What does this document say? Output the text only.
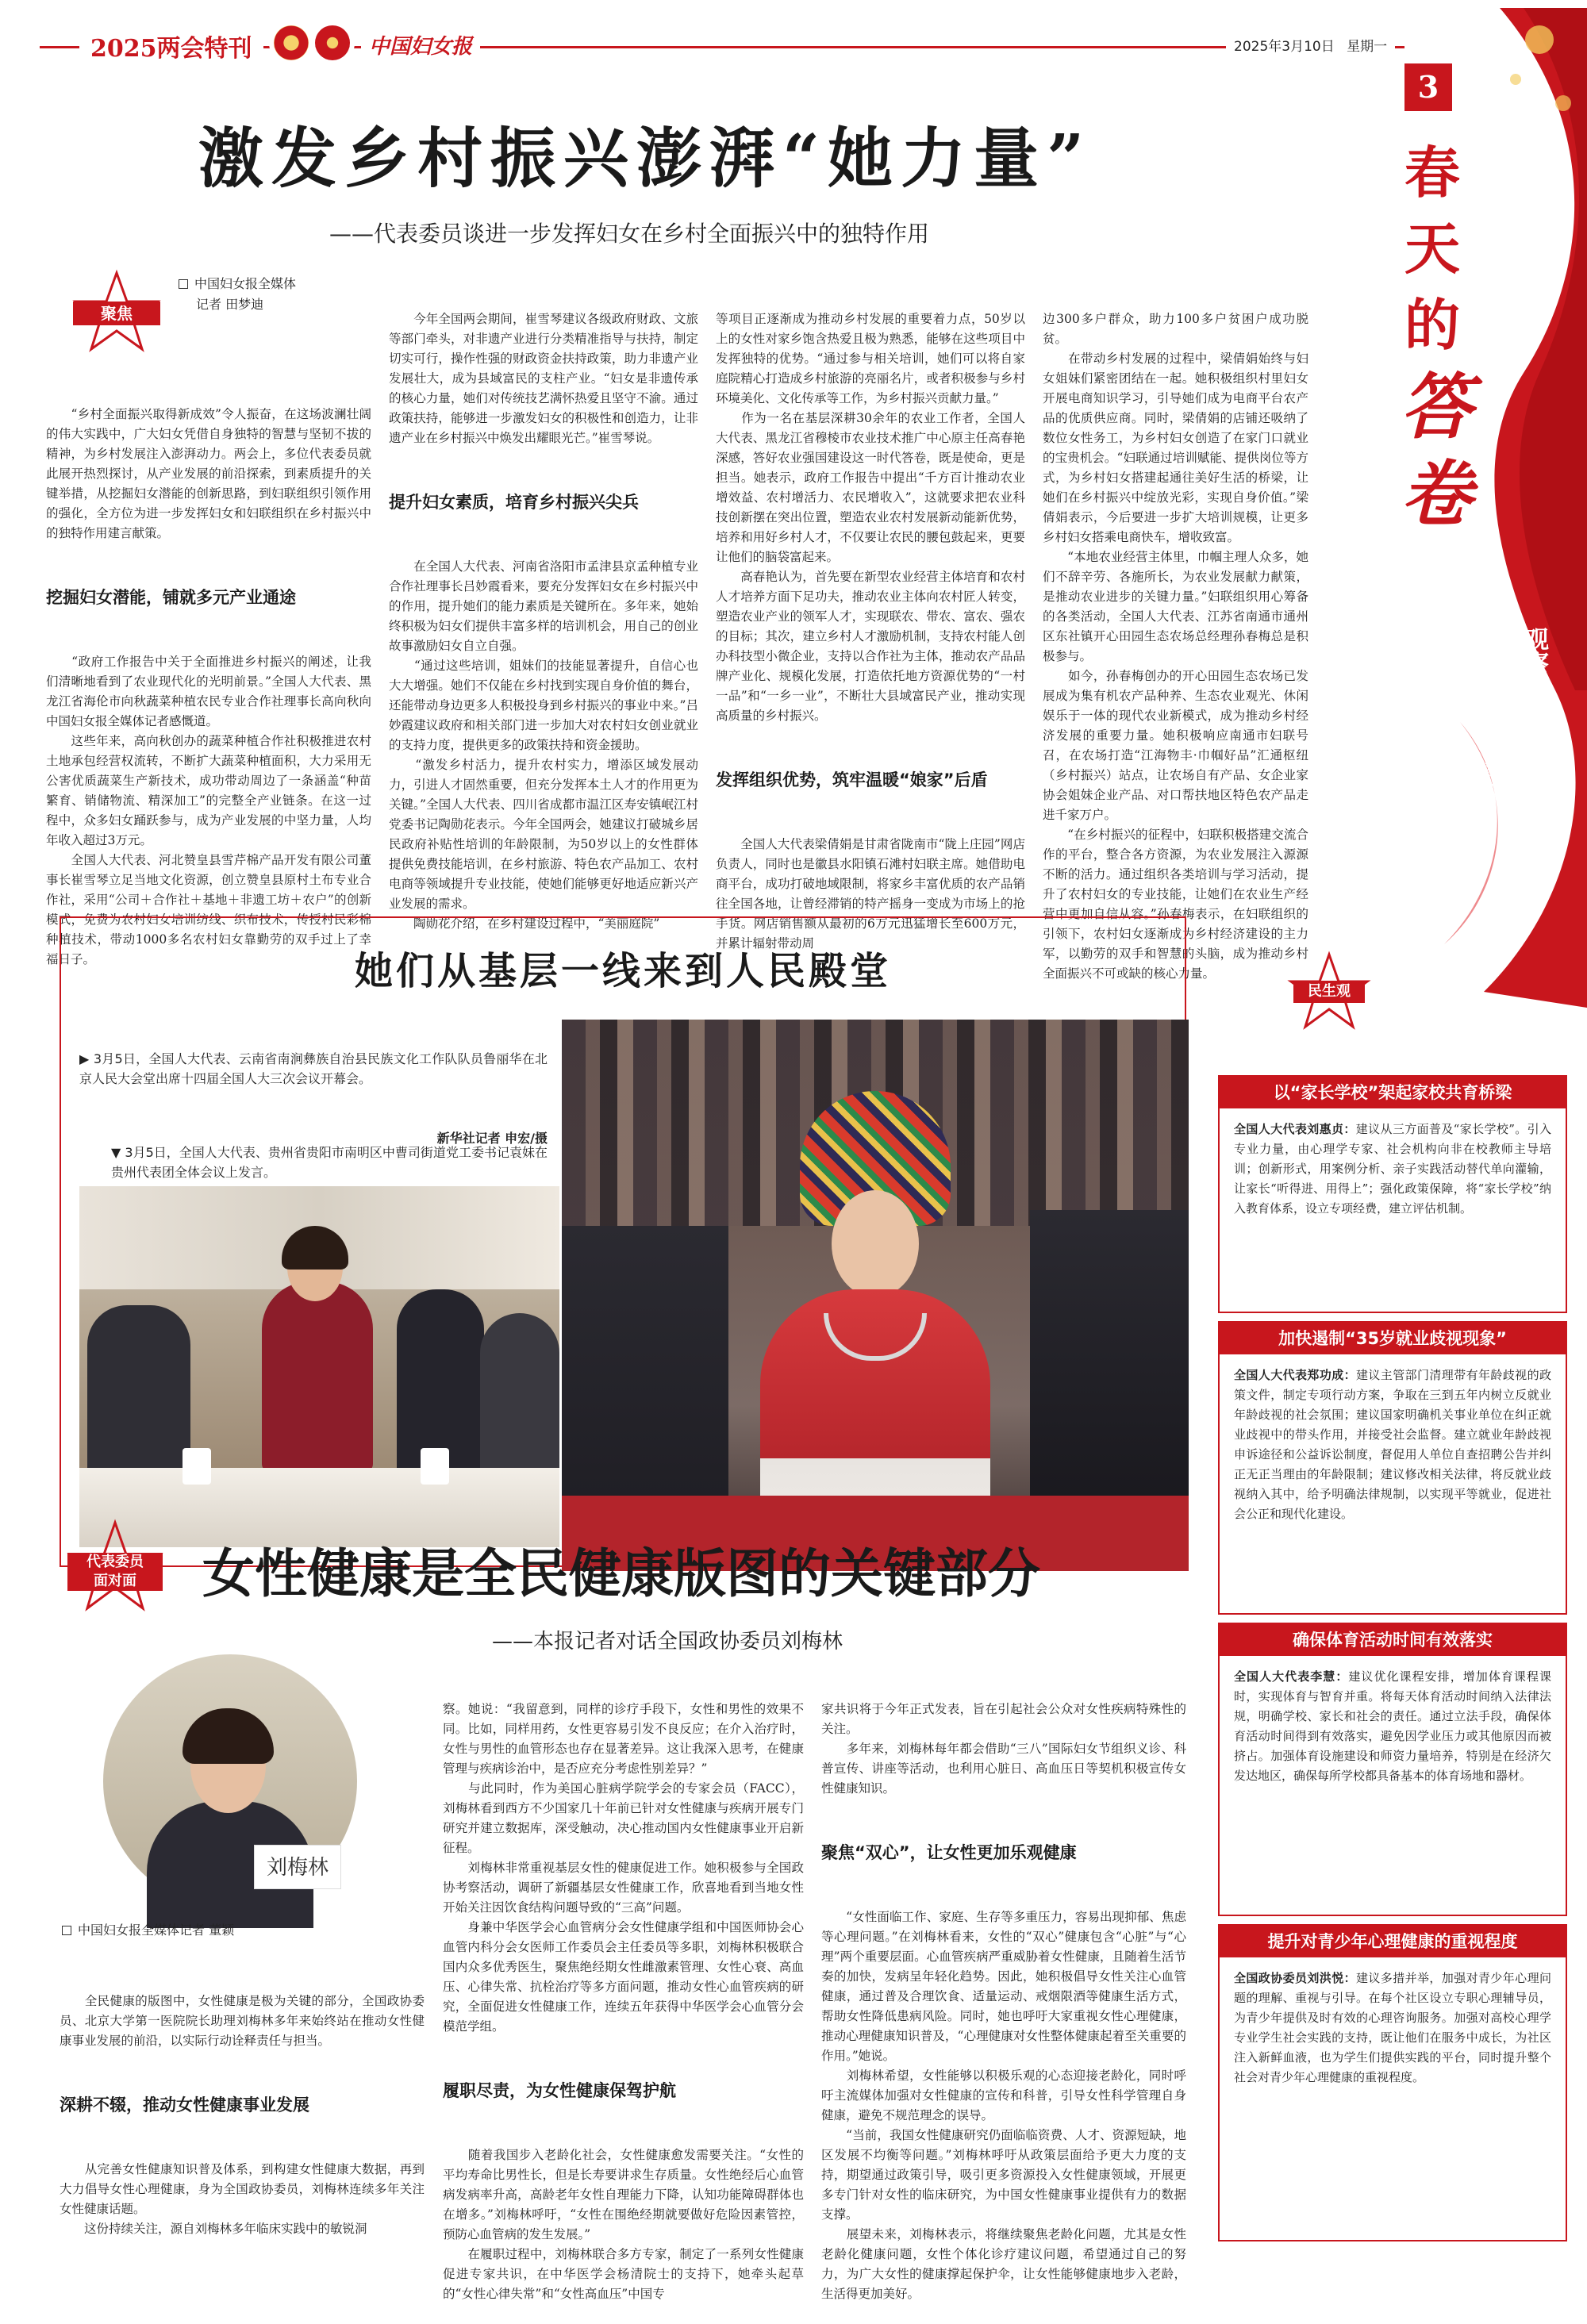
2025两会特刊	中国妇女报	2025年3月10日 星期一
3
春
天
的
答
卷
观察
主编 赵梓涵 韩亚聪
美编 李晴琪 责编 黄婷
校对 王德新 制作 杨杰
激发乡村振兴澎湃“她力量”
——代表委员谈进一步发挥妇女在乡村全面振兴中的独特作用
聚焦
中国妇女报全媒体
记者 田梦迪

　　“乡村全面振兴取得新成效”令人振奋，在这场波澜壮阔的伟大实践中，广大妇女凭借自身独特的智慧与坚韧不拔的精神，为乡村发展注入澎湃动力。两会上，多位代表委员就此展开热烈探讨，从产业发展的前沿探索，到素质提升的关键举措，从挖掘妇女潜能的创新思路，到妇联组织引领作用的强化，全方位为进一步发挥妇女和妇联组织在乡村振兴中的独特作用建言献策。

挖掘妇女潜能，铺就多元产业通途

　　“政府工作报告中关于全面推进乡村振兴的阐述，让我们清晰地看到了农业现代化的光明前景。”全国人大代表、黑龙江省海伦市向秋蔬菜种植农民专业合作社理事长高向秋向中国妇女报全媒体记者感慨道。
　　这些年来，高向秋创办的蔬菜种植合作社积极推进农村土地承包经营权流转，不断扩大蔬菜种植面积，大力采用无公害优质蔬菜生产新技术，成功带动周边了一条涵盖“种苗繁育、销储物流、精深加工”的完整全产业链条。在这一过程中，众多妇女踊跃参与，成为产业发展的中坚力量，人均年收入超过3万元。
　　全国人大代表、河北赞皇县雪芹棉产品开发有限公司董事长崔雪琴立足当地文化资源，创立赞皇县原村土布专业合作社，采用“公司＋合作社＋基地＋非遗工坊＋农户”的创新模式，免费为农村妇女培训纺线、织布技术，传授村民彩棉种植技术，带动1000多名农村妇女靠勤劳的双手过上了幸福日子。

　　今年全国两会期间，崔雪琴建议各级政府财政、文旅等部门牵头，对非遗产业进行分类精准指导与扶持，制定切实可行，操作性强的财政资金扶持政策，助力非遗产业发展壮大，成为县域富民的支柱产业。“妇女是非遗传承的核心力量，她们对传统技艺满怀热爱且坚守不渝。通过政策扶持，能够进一步激发妇女的积极性和创造力，让非遗产业在乡村振兴中焕发出耀眼光芒。”崔雪琴说。

提升妇女素质，培育乡村振兴尖兵

　　在全国人大代表、河南省洛阳市孟津县京孟种植专业合作社理事长吕妙霞看来，要充分发挥妇女在乡村振兴中的作用，提升她们的能力素质是关键所在。多年来，她始终积极为妇女们提供丰富多样的培训机会，用自己的创业故事激励妇女自立自强。
　　“通过这些培训，姐妹们的技能显著提升，自信心也大大增强。她们不仅能在乡村找到实现自身价值的舞台，还能带动身边更多人积极投身到乡村振兴的事业中来。”吕妙霞建议政府和相关部门进一步加大对农村妇女创业就业的支持力度，提供更多的政策扶持和资金援助。
　　“激发乡村活力，提升农村实力，增添区域发展动力，引进人才固然重要，但充分发挥本土人才的作用更为关键。”全国人大代表、四川省成都市温江区寿安镇岷江村党委书记陶勋花表示。今年全国两会，她建议打破城乡居民政府补贴性培训的年龄限制，为50岁以上的女性群体提供免费技能培训，在乡村旅游、特色农产品加工、农村电商等领域提升专业技能，使她们能够更好地适应新兴产业发展的需求。
　　陶勋花介绍，在乡村建设过程中，“美丽庭院”

等项目正逐渐成为推动乡村发展的重要着力点，50岁以上的女性对家乡饱含热爱且极为熟悉，能够在这些项目中发挥独特的优势。“通过参与相关培训，她们可以将自家庭院精心打造成乡村旅游的亮丽名片，或者积极参与乡村环境美化、文化传承等工作，为乡村振兴贡献力量。”
　　作为一名在基层深耕30余年的农业工作者，全国人大代表、黑龙江省穆棱市农业技术推广中心原主任高春艳深感，答好农业强国建设这一时代答卷，既是使命，更是担当。她表示，政府工作报告中提出“千方百计推动农业增效益、农村增活力、农民增收入”，这就要求把农业科技创新摆在突出位置，塑造农业农村发展新动能新优势，培养和用好乡村人才，不仅要让农民的腰包鼓起来，更要让他们的脑袋富起来。
　　高春艳认为，首先要在新型农业经营主体培育和农村人才培养方面下足功夫，推动农业主体向农村匠人转变，塑造农业产业的领军人才，实现联农、带农、富农、强农的目标；其次，建立乡村人才激励机制，支持农村能人创办科技型小微企业，支持以合作社为主体，推动农产品品牌产业化、规模化发展，打造依托地方资源优势的“一村一品”和“一乡一业”，不断壮大县域富民产业，推动实现高质量的乡村振兴。

发挥组织优势，筑牢温暖“娘家”后盾

　　全国人大代表梁倩娟是甘肃省陇南市“陇上庄园”网店负责人，同时也是徽县水阳镇石滩村妇联主席。她借助电商平台，成功打破地域限制，将家乡丰富优质的农产品销往全国各地，让曾经滞销的特产摇身一变成为市场上的抢手货。网店销售额从最初的6万元迅猛增长至600万元，并累计辐射带动周

边300多户群众，助力100多户贫困户成功脱贫。
　　在带动乡村发展的过程中，梁倩娟始终与妇女姐妹们紧密团结在一起。她积极组织村里妇女开展电商知识学习，引导她们成为电商平台农产品的优质供应商。同时，梁倩娟的店铺还吸纳了数位女性务工，为乡村妇女创造了在家门口就业的宝贵机会。“妇联通过培训赋能、提供岗位等方式，为乡村妇女搭建起通往美好生活的桥梁，让她们在乡村振兴中绽放光彩，实现自身价值。”梁倩娟表示，今后要进一步扩大培训规模，让更多乡村妇女搭乘电商快车，增收致富。
　　“本地农业经营主体里，巾帼主理人众多，她们不辞辛劳、各施所长，为农业发展献力献策，是推动农业进步的关键力量。”妇联组织用心筹备的各类活动，全国人大代表、江苏省南通市通州区东社镇开心田园生态农场总经理孙春梅总是积极参与。
　　如今，孙春梅创办的开心田园生态农场已发展成为集有机农产品种养、生态农业观光、休闲娱乐于一体的现代农业新模式，成为推动乡村经济发展的重要力量。她积极响应南通市妇联号召，在农场打造“江海物丰·巾帼好品”汇通枢纽（乡村振兴）站点，让农场自有产品、女企业家协会姐妹企业产品、对口帮扶地区特色农产品走进千家万户。
　　“在乡村振兴的征程中，妇联积极搭建交流合作的平台，整合各方资源，为农业发展注入源源不断的活力。通过组织各类培训与学习活动，提升了农村妇女的专业技能，让她们在农业生产经营中更加自信从容。”孙春梅表示，在妇联组织的引领下，农村妇女逐渐成为乡村经济建设的主力军，以勤劳的双手和智慧的头脑，成为推动乡村全面振兴不可或缺的核心力量。

她们从基层一线来到人民殿堂

▶ 3月5日，全国人大代表、云南省南涧彝族自治县民族文化工作队队员鲁丽华在北京人民大会堂出席十四届全国人大三次会议开幕会。

新华社记者 申宏/摄

▼ 3月5日，全国人大代表、贵州省贵阳市南明区中曹司街道党工委书记袁妹在贵州代表团全体会议上发言。

代表委员
面对面	女性健康是全民健康版图的关键部分
——本报记者对话全国政协委员刘梅林
刘梅林
中国妇女报全媒体记者 董颖

　　全民健康的版图中，女性健康是极为关键的部分，全国政协委员、北京大学第一医院院长助理刘梅林多年来始终站在推动女性健康事业发展的前沿，以实际行动诠释责任与担当。

深耕不辍，推动女性健康事业发展

　　从完善女性健康知识普及体系，到构建女性健康大数据，再到大力倡导女性心理健康，身为全国政协委员，刘梅林连续多年关注女性健康话题。
　　这份持续关注，源自刘梅林多年临床实践中的敏锐洞

察。她说：“我留意到，同样的诊疗手段下，女性和男性的效果不同。比如，同样用药，女性更容易引发不良反应；在介入治疗时，女性与男性的血管形态也存在显著差异。这让我深入思考，在健康管理与疾病诊治中，是否应充分考虑性别差异？”
　　与此同时，作为美国心脏病学院学会的专家会员（FACC），刘梅林看到西方不少国家几十年前已针对女性健康与疾病开展专门研究并建立数据库，深受触动，决心推动国内女性健康事业开启新征程。
　　刘梅林非常重视基层女性的健康促进工作。她积极参与全国政协考察活动，调研了新疆基层女性健康工作，欣喜地看到当地女性开始关注因饮食结构问题导致的“三高”问题。
　　身兼中华医学会心血管病分会女性健康学组和中国医师协会心血管内科分会女医师工作委员会主任委员等多职，刘梅林积极联合国内众多优秀医生，聚焦绝经期女性雌激素管理、女性心衰、高血压、心律失常、抗栓治疗等多方面问题，推动女性心血管疾病的研究，全面促进女性健康工作，连续五年获得中华医学会心血管分会模范学组。

履职尽责，为女性健康保驾护航

　　随着我国步入老龄化社会，女性健康愈发需要关注。“女性的平均寿命比男性长，但是长寿要讲求生存质量。女性绝经后心血管病发病率升高，高龄老年女性自理能力下降，认知功能障碍群体也在增多。”刘梅林呼吁，“女性在围绝经期就要做好危险因素管控，预防心血管病的发生发展。”
　　在履职过程中，刘梅林联合多方专家，制定了一系列女性健康促进专家共识，在中华医学会杨清院士的支持下，她牵头起草的“女性心律失常”和“女性高血压”中国专

家共识将于今年正式发表，旨在引起社会公众对女性疾病特殊性的关注。
　　多年来，刘梅林每年都会借助“三八”国际妇女节组织义诊、科普宣传、讲座等活动，也利用心脏日、高血压日等契机积极宣传女性健康知识。

聚焦“双心”，让女性更加乐观健康

　　“女性面临工作、家庭、生存等多重压力，容易出现抑郁、焦虑等心理问题。”在刘梅林看来，女性的“双心”健康包含“心脏”与“心理”两个重要层面。心血管疾病严重威胁着女性健康，且随着生活节奏的加快，发病呈年轻化趋势。因此，她积极倡导女性关注心血管健康，通过普及合理饮食、适量运动、戒烟限酒等健康生活方式，帮助女性降低患病风险。同时，她也呼吁大家重视女性心理健康，推动心理健康知识普及，“心理健康对女性整体健康起着至关重要的作用。”她说。
　　刘梅林希望，女性能够以积极乐观的心态迎接老龄化，同时呼吁主流媒体加强对女性健康的宣传和科普，引导女性科学管理自身健康，避免不规范理念的误导。
　　“当前，我国女性健康研究仍面临临资费、人才、资源短缺，地区发展不均衡等问题。”刘梅林呼吁从政策层面给予更大力度的支持，期望通过政策引导，吸引更多资源投入女性健康领域，开展更多专门针对女性的临床研究，为中国女性健康事业提供有力的数据支撑。
　　展望未来，刘梅林表示，将继续聚焦老龄化问题，尤其是女性老龄化健康问题，女性个体化诊疗建议问题，希望通过自己的努力，为广大女性的健康撑起保护伞，让女性能够健康地步入老龄，生活得更加美好。

民生观
以“家长学校”架起家校共育桥梁
全国人大代表刘惠贞：建议从三方面普及“家长学校”。引入专业力量，由心理学专家、社会机构向非在校教师主导培训；创新形式，用案例分析、亲子实践活动替代单向灌输，让家长“听得进、用得上”；强化政策保障，将“家长学校”纳入教育体系，设立专项经费，建立评估机制。
加快遏制“35岁就业歧视现象”
全国人大代表郑功成：建议主管部门清理带有年龄歧视的政策文件，制定专项行动方案，争取在三到五年内树立反就业年龄歧视的社会氛围；建议国家明确机关事业单位在纠正就业歧视中的带头作用，并接受社会监督。建立就业年龄歧视申诉途径和公益诉讼制度，督促用人单位自查招聘公告并纠正无正当理由的年龄限制；建议修改相关法律，将反就业歧视纳入其中，给予明确法律规制，以实现平等就业，促进社会公正和现代化建设。
确保体育活动时间有效落实
全国人大代表李慧：建议优化课程安排，增加体育课程课时，实现体育与智育并重。将每天体育活动时间纳入法律法规，明确学校、家长和社会的责任。通过立法手段，确保体育活动时间得到有效落实，避免因学业压力或其他原因而被挤占。加强体育设施建设和师资力量培养，特别是在经济欠发达地区，确保每所学校都具备基本的体育场地和器材。
提升对青少年心理健康的重视程度
全国政协委员刘洪悦：建议多措并举，加强对青少年心理问题的理解、重视与引导。在每个社区设立专职心理辅导员，为青少年提供及时有效的心理咨询服务。加强对高校心理学专业学生社会实践的支持，既让他们在服务中成长，为社区注入新鲜血液，也为学生们提供实践的平台，同时提升整个社会对青少年心理健康的重视程度。
